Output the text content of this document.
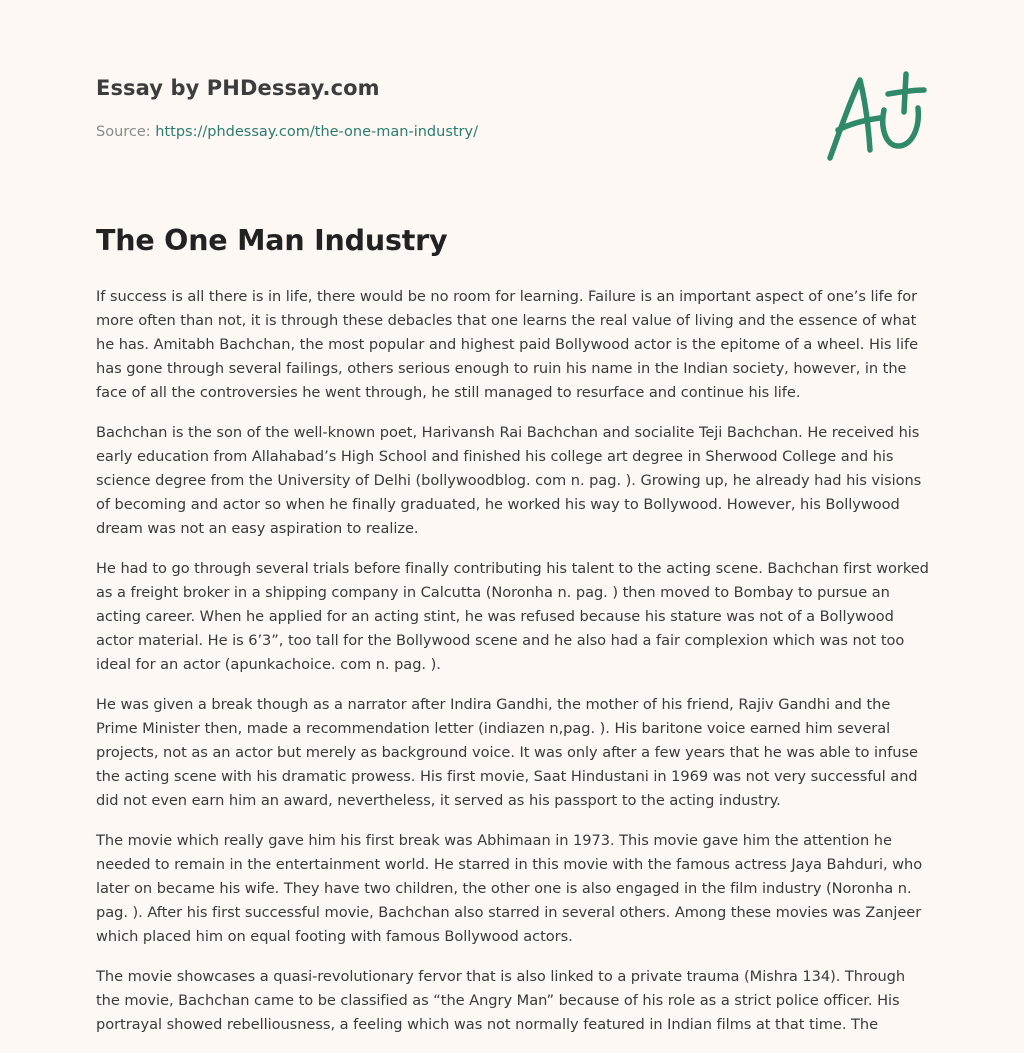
Essay by PHDessay.com
Source: https://phdessay.com/the-one-man-industry/
The One Man Industry

If success is all there is in life, there would be no room for learning. Failure is an important aspect of one’s life for more often than not, it is through these debacles that one learns the real value of living and the essence of what he has. Amitabh Bachchan, the most popular and highest paid Bollywood actor is the epitome of a wheel. His life has gone through several failings, others serious enough to ruin his name in the Indian society, however, in the face of all the controversies he went through, he still managed to resurface and continue his life.

Bachchan is the son of the well-known poet, Harivansh Rai Bachchan and socialite Teji Bachchan. He received his early education from Allahabad’s High School and finished his college art degree in Sherwood College and his science degree from the University of Delhi (bollywoodblog. com n. pag. ). Growing up, he already had his visions of becoming and actor so when he finally graduated, he worked his way to Bollywood. However, his Bollywood dream was not an easy aspiration to realize.

He had to go through several trials before finally contributing his talent to the acting scene. Bachchan first worked as a freight broker in a shipping company in Calcutta (Noronha n. pag. ) then moved to Bombay to pursue an acting career. When he applied for an acting stint, he was refused because his stature was not of a Bollywood actor material. He is 6’3”, too tall for the Bollywood scene and he also had a fair complexion which was not too ideal for an actor (apunkachoice. com n. pag. ).

He was given a break though as a narrator after Indira Gandhi, the mother of his friend, Rajiv Gandhi and the Prime Minister then, made a recommendation letter (indiazen n,pag. ). His baritone voice earned him several projects, not as an actor but merely as background voice. It was only after a few years that he was able to infuse the acting scene with his dramatic prowess. His first movie, Saat Hindustani in 1969 was not very successful and did not even earn him an award, nevertheless, it served as his passport to the acting industry.

The movie which really gave him his first break was Abhimaan in 1973. This movie gave him the attention he needed to remain in the entertainment world. He starred in this movie with the famous actress Jaya Bahduri, who later on became his wife. They have two children, the other one is also engaged in the film industry (Noronha n. pag. ). After his first successful movie, Bachchan also starred in several others. Among these movies was Zanjeer which placed him on equal footing with famous Bollywood actors.

The movie showcases a quasi-revolutionary fervor that is also linked to a private trauma (Mishra 134). Through the movie, Bachchan came to be classified as “the Angry Man” because of his role as a strict police officer. His portrayal showed rebelliousness, a feeling which was not normally featured in Indian films at that time. The
